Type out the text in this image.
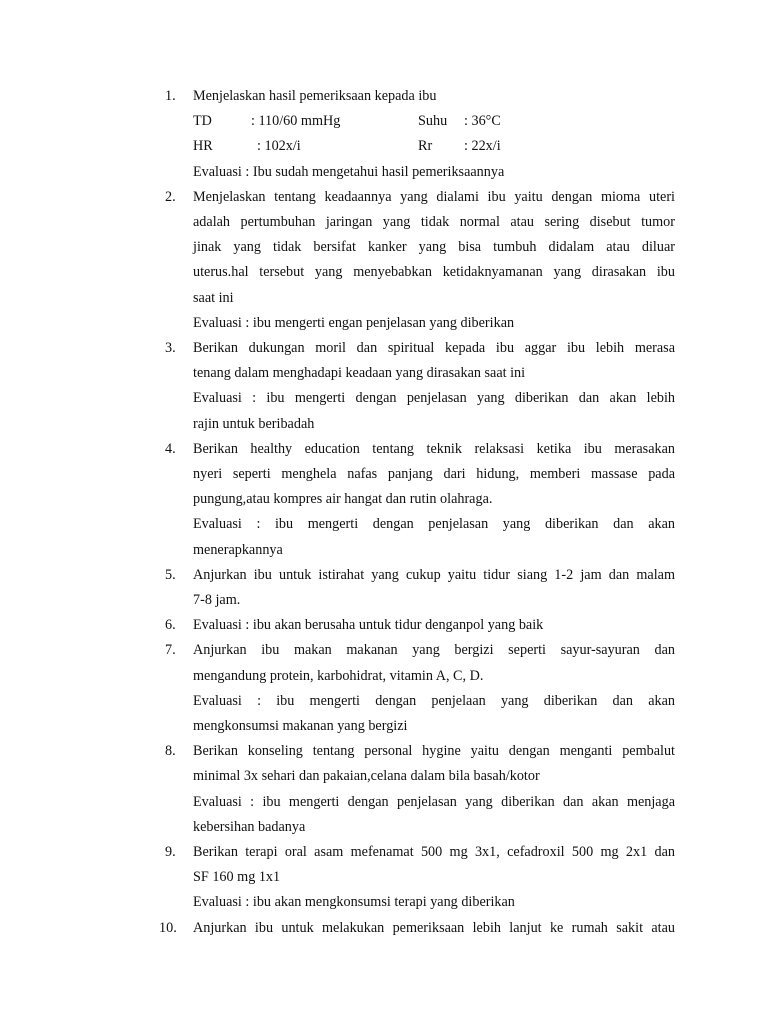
1.	Menjelaskan hasil pemeriksaan kepada ibu
TD	: 110/60 mmHg	Suhu : 36°C
HR	: 102x/i	Rr : 22x/i
Evaluasi : Ibu sudah mengetahui hasil pemeriksaannya
2.	Menjelaskan tentang keadaannya yang dialami ibu yaitu dengan mioma uteri
adalah pertumbuhan jaringan yang tidak normal atau sering disebut tumor
jinak yang tidak bersifat kanker yang bisa tumbuh didalam atau diluar
uterus.hal tersebut yang menyebabkan ketidaknyamanan yang dirasakan ibu
saat ini
Evaluasi : ibu mengerti engan penjelasan yang diberikan
3.	Berikan dukungan moril dan spiritual kepada ibu aggar ibu lebih merasa
tenang dalam menghadapi keadaan yang dirasakan saat ini
Evaluasi : ibu mengerti dengan penjelasan yang diberikan dan akan lebih
rajin untuk beribadah
4.	Berikan healthy education tentang teknik relaksasi ketika ibu merasakan
nyeri seperti menghela nafas panjang dari hidung, memberi massase pada
pungung,atau kompres air hangat dan rutin olahraga.
Evaluasi : ibu mengerti dengan penjelasan yang diberikan dan akan
menerapkannya
5.	Anjurkan ibu untuk istirahat yang cukup yaitu tidur siang 1-2 jam dan malam
7-8 jam.
6.	Evaluasi : ibu akan berusaha untuk tidur denganpol yang baik
7.	Anjurkan ibu makan makanan yang bergizi seperti sayur-sayuran dan
mengandung protein, karbohidrat, vitamin A, C, D.
Evaluasi : ibu mengerti dengan penjelaan yang diberikan dan akan
mengkonsumsi makanan yang bergizi
8.	Berikan konseling tentang personal hygine yaitu dengan menganti pembalut
minimal 3x sehari dan pakaian,celana dalam bila basah/kotor
Evaluasi : ibu mengerti dengan penjelasan yang diberikan dan akan menjaga
kebersihan badanya
9.	Berikan terapi oral asam mefenamat 500 mg 3x1, cefadroxil 500 mg 2x1 dan
SF 160 mg 1x1
Evaluasi : ibu akan mengkonsumsi terapi yang diberikan
10.	Anjurkan ibu untuk melakukan pemeriksaan lebih lanjut ke rumah sakit atau
